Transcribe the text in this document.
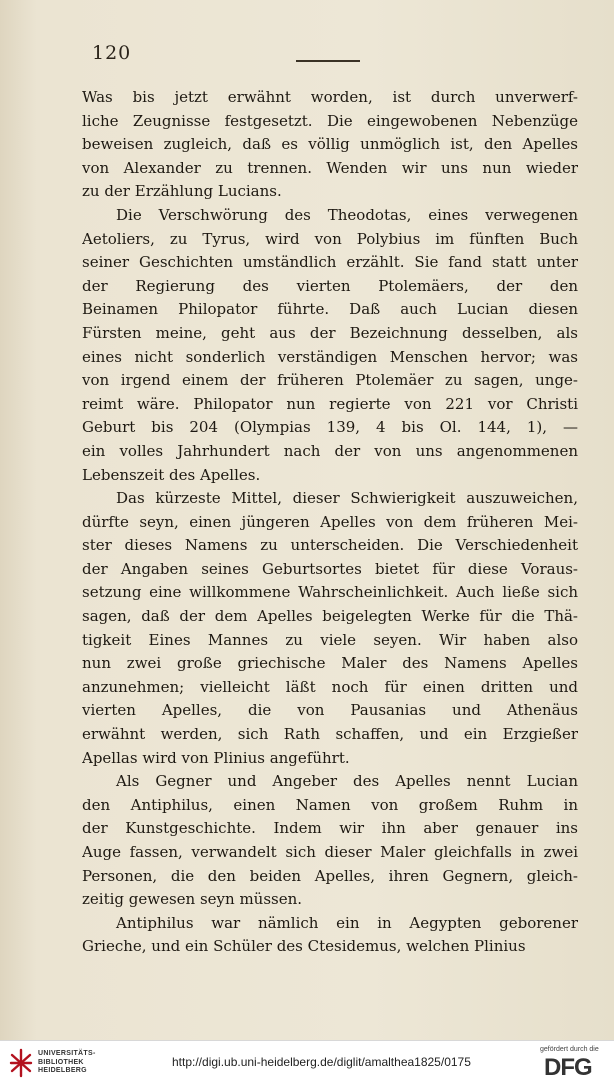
120
Was bis jetzt erwähnt worden, ist durch unverwerf-
liche Zeugnisse festgesetzt. Die eingewobenen Nebenzüge
beweisen zugleich, daß es völlig unmöglich ist, den Apelles
von Alexander zu trennen. Wenden wir uns nun wieder
zu der Erzählung Lucians.
Die Verschwörung des Theodotas, eines verwegenen
Aetoliers, zu Tyrus, wird von Polybius im fünften Buch
seiner Geschichten umständlich erzählt. Sie fand statt unter
der Regierung des vierten Ptolemäers, der den
Beinamen Philopator führte. Daß auch Lucian diesen
Fürsten meine, geht aus der Bezeichnung desselben, als
eines nicht sonderlich verständigen Menschen hervor; was
von irgend einem der früheren Ptolemäer zu sagen, unge-
reimt wäre. Philopator nun regierte von 221 vor Christi
Geburt bis 204 (Olympias 139, 4 bis Ol. 144, 1), —
ein volles Jahrhundert nach der von uns angenommenen
Lebenszeit des Apelles.
Das kürzeste Mittel, dieser Schwierigkeit auszuweichen,
dürfte seyn, einen jüngeren Apelles von dem früheren Mei-
ster dieses Namens zu unterscheiden. Die Verschiedenheit
der Angaben seines Geburtsortes bietet für diese Voraus-
setzung eine willkommene Wahrscheinlichkeit. Auch ließe sich
sagen, daß der dem Apelles beigelegten Werke für die Thä-
tigkeit Eines Mannes zu viele seyen. Wir haben also
nun zwei große griechische Maler des Namens Apelles
anzunehmen; vielleicht läßt noch für einen dritten und
vierten Apelles, die von Pausanias und Athenäus
erwähnt werden, sich Rath schaffen, und ein Erzgießer
Apellas wird von Plinius angeführt.
Als Gegner und Angeber des Apelles nennt Lucian
den Antiphilus, einen Namen von großem Ruhm in
der Kunstgeschichte. Indem wir ihn aber genauer ins
Auge fassen, verwandelt sich dieser Maler gleichfalls in zwei
Personen, die den beiden Apelles, ihren Gegnern, gleich-
zeitig gewesen seyn müssen.
Antiphilus war nämlich ein in Aegypten geborener
Grieche, und ein Schüler des Ctesidemus, welchen Plinius
UNIVERSITÄTS-
BIBLIOTHEK
HEIDELBERG
http://digi.ub.uni-heidelberg.de/diglit/amalthea1825/0175
gefördert durch die
DFG
